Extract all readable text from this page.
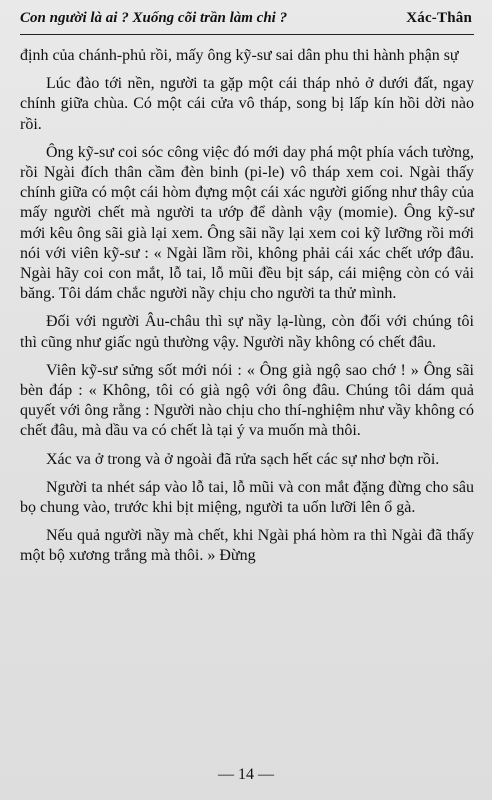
Con người là ai ? Xuống cõi trần làm chi ?	Xác-Thân

định của chánh-phủ rồi, mấy ông kỹ-sư sai dân phu thi hành phận sự

Lúc đào tới nền, người ta gặp một cái tháp nhỏ ở dưới đất, ngay chính giữa chùa. Có một cái cửa vô tháp, song bị lấp kín hồi dời nào rồi.

Ông kỹ-sư coi sóc công việc đó mới day phá một phía vách tường, rồi Ngài đích thân cầm đèn binh (pi-le) vô tháp xem coi. Ngài thấy chính giữa có một cái hòm đựng một cái xác người giống như thây của mấy người chết mà người ta ướp để dành vậy (momie). Ông kỹ-sư mới kêu ông sãi già lại xem. Ông sãi nầy lại xem coi kỹ lưỡng rồi mới nói với viên kỹ-sư : « Ngài lầm rồi, không phải cái xác chết ướp đâu. Ngài hãy coi con mắt, lỗ tai, lỗ mũi đều bịt sáp, cái miệng còn có vải băng. Tôi dám chắc người nầy chịu cho người ta thử mình.

Đối với người Âu-châu thì sự nầy lạ-lùng, còn đối với chúng tôi thì cũng như giấc ngủ thường vậy. Người nầy không có chết đâu.

Viên kỹ-sư sửng sốt mới nói : « Ông già ngộ sao chớ ! » Ông sãi bèn đáp : « Không, tôi có già ngộ với ông đâu. Chúng tôi dám quả quyết với ông rằng : Người nào chịu cho thí-nghiệm như vầy không có chết đâu, mà dầu va có chết là tại ý va muốn mà thôi.

Xác va ở trong và ở ngoài đã rửa sạch hết các sự nhơ bợn rồi.

Người ta nhét sáp vào lỗ tai, lỗ mũi và con mắt đặng đừng cho sâu bọ chung vào, trước khi bịt miệng, người ta uốn lưỡi lên ổ gà.

Nếu quả người nầy mà chết, khi Ngài phá hòm ra thì Ngài đã thấy một bộ xương trắng mà thôi. » Đừng

— 14 —
